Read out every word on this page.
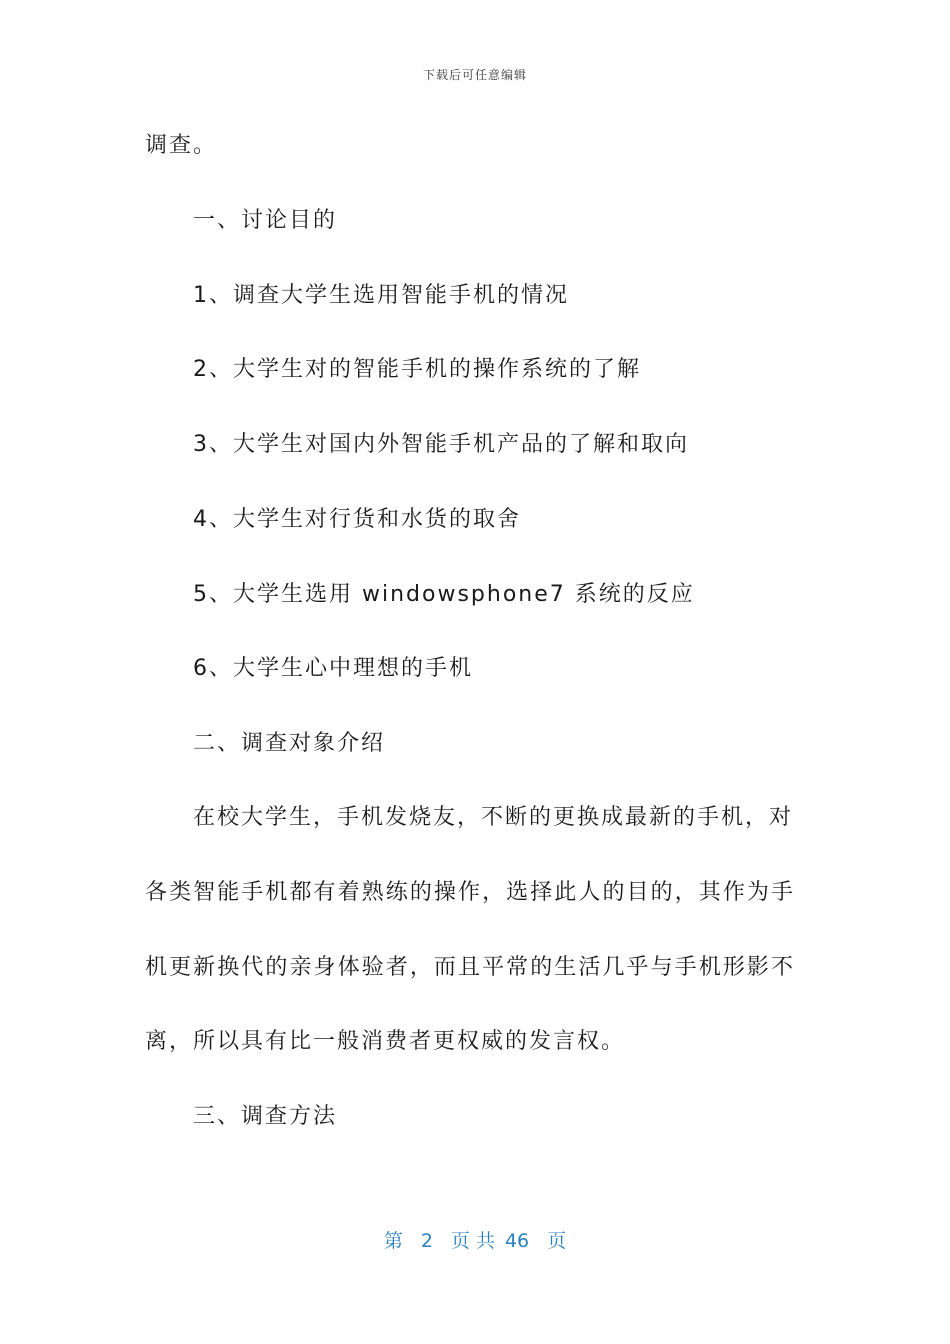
下载后可任意编辑
调查。
一、讨论目的
1、调查大学生选用智能手机的情况
2、大学生对的智能手机的操作系统的了解
3、大学生对国内外智能手机产品的了解和取向
4、大学生对行货和水货的取舍
5、大学生选用 windowsphone7 系统的反应
6、大学生心中理想的手机
二、调查对象介绍
在校大学生，手机发烧友，不断的更换成最新的手机，对
各类智能手机都有着熟练的操作，选择此人的目的，其作为手
机更新换代的亲身体验者，而且平常的生活几乎与手机形影不
离，所以具有比一般消费者更权威的发言权。
三、调查方法
第 2 页 共 46 页
